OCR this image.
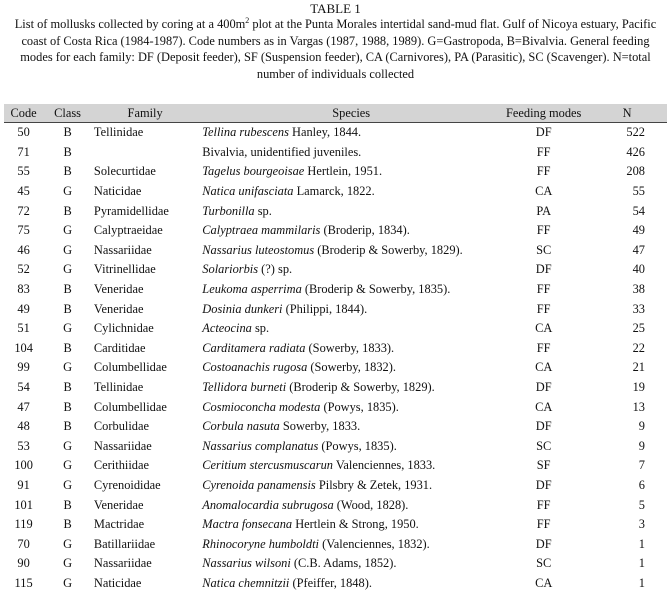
TABLE 1
List of mollusks collected by coring at a $400m^2$ plot at the Punta Morales intertidal sand-mud flat. Gulf of Nicoya estuary, Pacific coast of Costa Rica (1984-1987). Code numbers as in Vargas (1987, 1988, 1989). G=Gastropoda, B=Bivalvia. General feeding modes for each family: DF (Deposit feeder), SF (Suspension feeder), CA (Carnivores), PA (Parasitic), SC (Scavenger). N=total number of individuals collected
Code	Class	Family	Species	Feeding modes	N
50	B	Tellinidae	Tellina rubescens Hanley, 1844.	DF	522
71	B		Bivalvia, unidentified juveniles.	FF	426
55	B	Solecurtidae	Tagelus bourgeoisae Hertlein, 1951.	FF	208
45	G	Naticidae	Natica unifasciata Lamarck, 1822.	CA	55
72	B	Pyramidellidae	Turbonilla sp.	PA	54
75	G	Calyptraeidae	Calyptraea mammilaris (Broderip, 1834).	FF	49
46	G	Nassariidae	Nassarius luteostomus (Broderip & Sowerby, 1829).	SC	47
52	G	Vitrinellidae	Solariorbis (?) sp.	DF	40
83	B	Veneridae	Leukoma asperrima (Broderip & Sowerby, 1835).	FF	38
49	B	Veneridae	Dosinia dunkeri (Philippi, 1844).	FF	33
51	G	Cylichnidae	Acteocina sp.	CA	25
104	B	Carditidae	Carditamera radiata (Sowerby, 1833).	FF	22
99	G	Columbellidae	Costoanachis rugosa (Sowerby, 1832).	CA	21
54	B	Tellinidae	Tellidora burneti (Broderip & Sowerby, 1829).	DF	19
47	B	Columbellidae	Cosmioconcha modesta (Powys, 1835).	CA	13
48	B	Corbulidae	Corbula nasuta Sowerby, 1833.	DF	9
53	G	Nassariidae	Nassarius complanatus (Powys, 1835).	SC	9
100	G	Cerithiidae	Ceritium stercusmuscarun Valenciennes, 1833.	SF	7
91	G	Cyrenoididae	Cyrenoida panamensis Pilsbry & Zetek, 1931.	DF	6
101	B	Veneridae	Anomalocardia subrugosa (Wood, 1828).	FF	5
119	B	Mactridae	Mactra fonsecana Hertlein & Strong, 1950.	FF	3
70	G	Batillariidae	Rhinocoryne humboldti (Valenciennes, 1832).	DF	1
90	G	Nassariidae	Nassarius wilsoni (C.B. Adams, 1852).	SC	1
115	G	Naticidae	Natica chemnitzii (Pfeiffer, 1848).	CA	1
